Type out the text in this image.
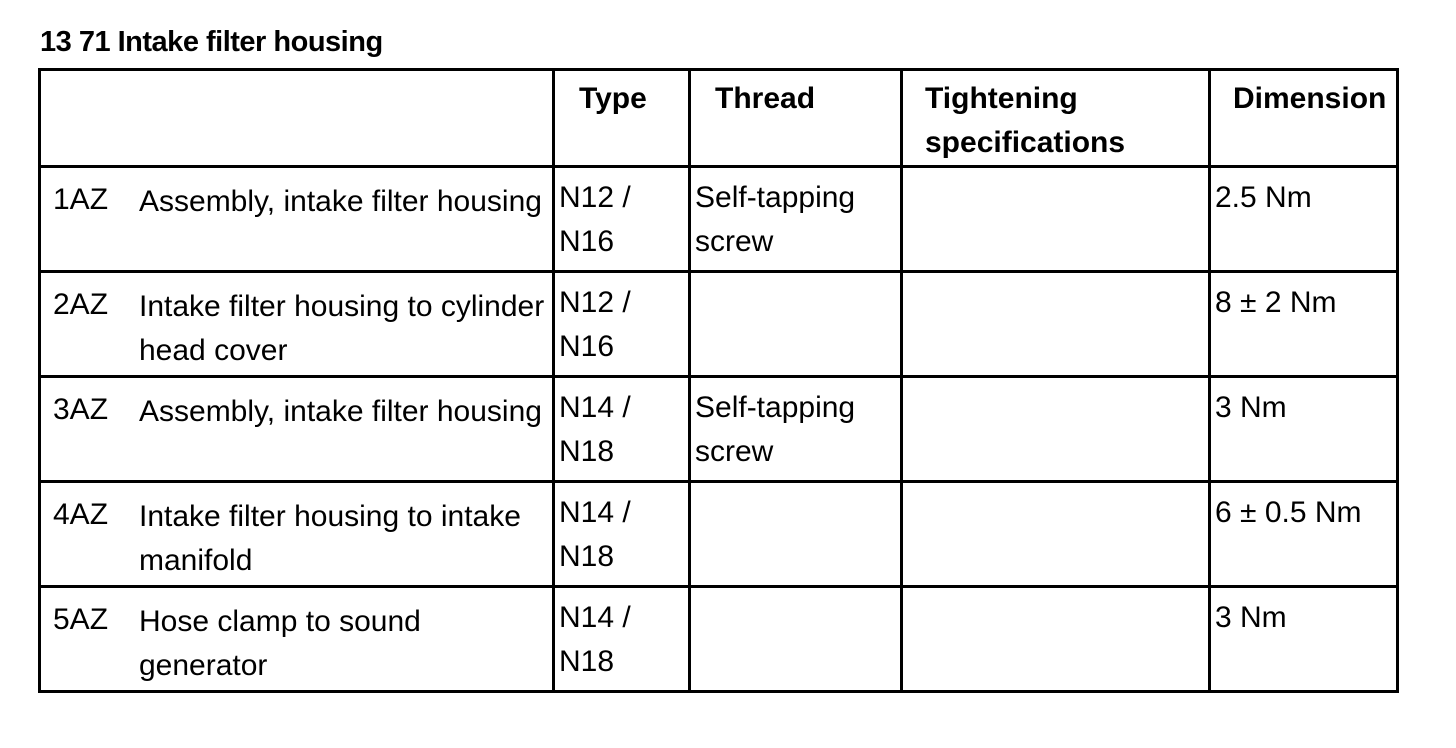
13 71 Intake filter housing
	Type	Thread	Tightening specifications	Dimension

1AZ Assembly, intake filter housing	N12 / N16	Self-tapping screw		2.5 Nm

2AZ Intake filter housing to cylinder head cover	N12 / N16			8 ± 2 Nm

3AZ Assembly, intake filter housing	N14 / N18	Self-tapping screw		3 Nm

4AZ Intake filter housing to intake manifold	N14 / N18			6 ± 0.5 Nm

5AZ Hose clamp to sound generator	N14 / N18			3 Nm
